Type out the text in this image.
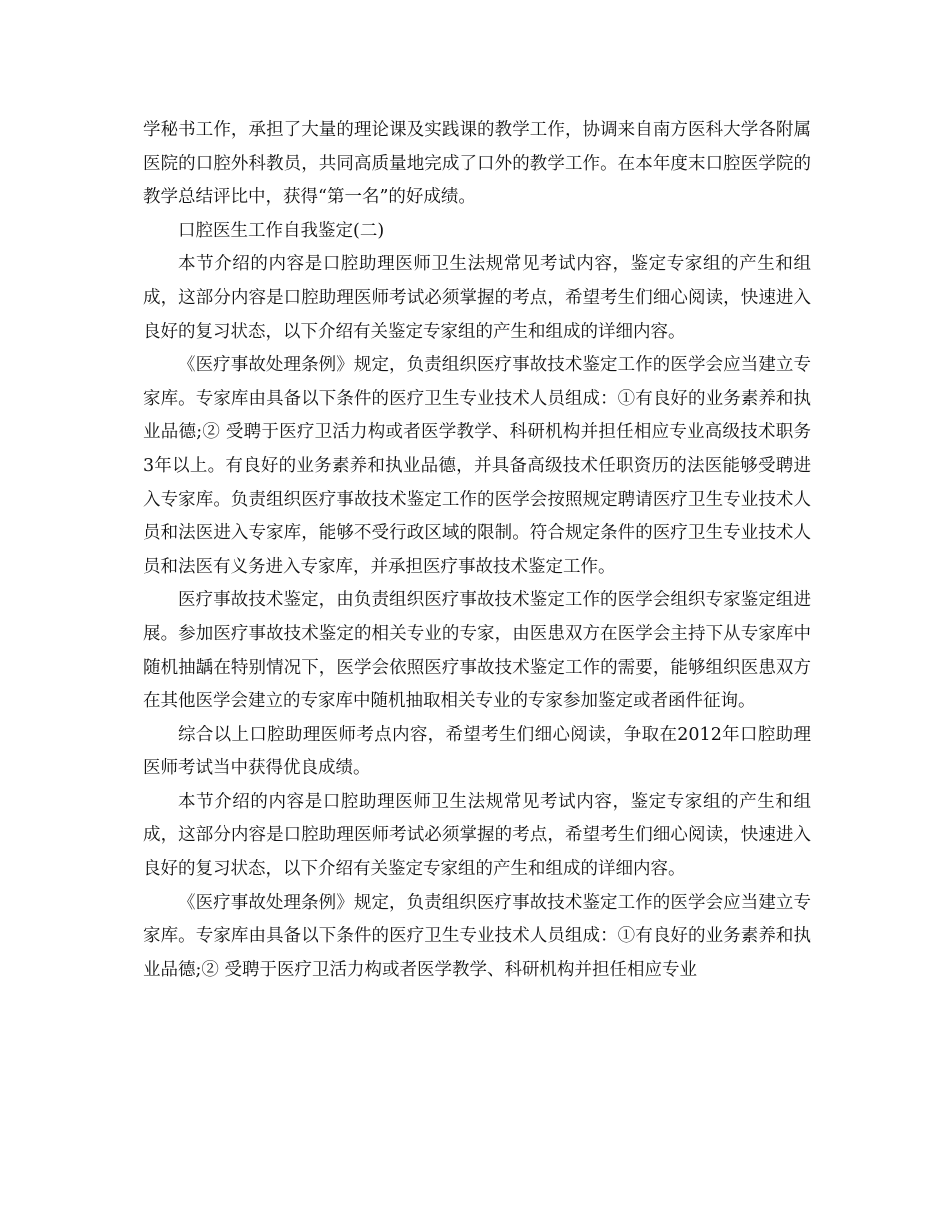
学秘书工作，承担了大量的理论课及实践课的教学工作，协调来自南方医科大学各附属医院的口腔外科教员，共同高质量地完成了口外的教学工作。在本年度末口腔医学院的教学总结评比中，获得“第一名”的好成绩。

口腔医生工作自我鉴定(二)

本节介绍的内容是口腔助理医师卫生法规常见考试内容，鉴定专家组的产生和组成，这部分内容是口腔助理医师考试必须掌握的考点，希望考生们细心阅读，快速进入良好的复习状态，以下介绍有关鉴定专家组的产生和组成的详细内容。

《医疗事故处理条例》规定，负责组织医疗事故技术鉴定工作的医学会应当建立专家库。专家库由具备以下条件的医疗卫生专业技术人员组成：①有良好的业务素养和执业品德;② 受聘于医疗卫活力构或者医学教学、科研机构并担任相应专业高级技术职务3年以上。有良好的业务素养和执业品德，并具备高级技术任职资历的法医能够受聘进入专家库。负责组织医疗事故技术鉴定工作的医学会按照规定聘请医疗卫生专业技术人员和法医进入专家库，能够不受行政区域的限制。符合规定条件的医疗卫生专业技术人员和法医有义务进入专家库，并承担医疗事故技术鉴定工作。

医疗事故技术鉴定，由负责组织医疗事故技术鉴定工作的医学会组织专家鉴定组进展。参加医疗事故技术鉴定的相关专业的专家，由医患双方在医学会主持下从专家库中随机抽龋在特别情况下，医学会依照医疗事故技术鉴定工作的需要，能够组织医患双方在其他医学会建立的专家库中随机抽取相关专业的专家参加鉴定或者函件征询。

综合以上口腔助理医师考点内容，希望考生们细心阅读，争取在2012年口腔助理医师考试当中获得优良成绩。

本节介绍的内容是口腔助理医师卫生法规常见考试内容，鉴定专家组的产生和组成，这部分内容是口腔助理医师考试必须掌握的考点，希望考生们细心阅读，快速进入良好的复习状态，以下介绍有关鉴定专家组的产生和组成的详细内容。

《医疗事故处理条例》规定，负责组织医疗事故技术鉴定工作的医学会应当建立专家库。专家库由具备以下条件的医疗卫生专业技术人员组成：①有良好的业务素养和执业品德;② 受聘于医疗卫活力构或者医学教学、科研机构并担任相应专业
